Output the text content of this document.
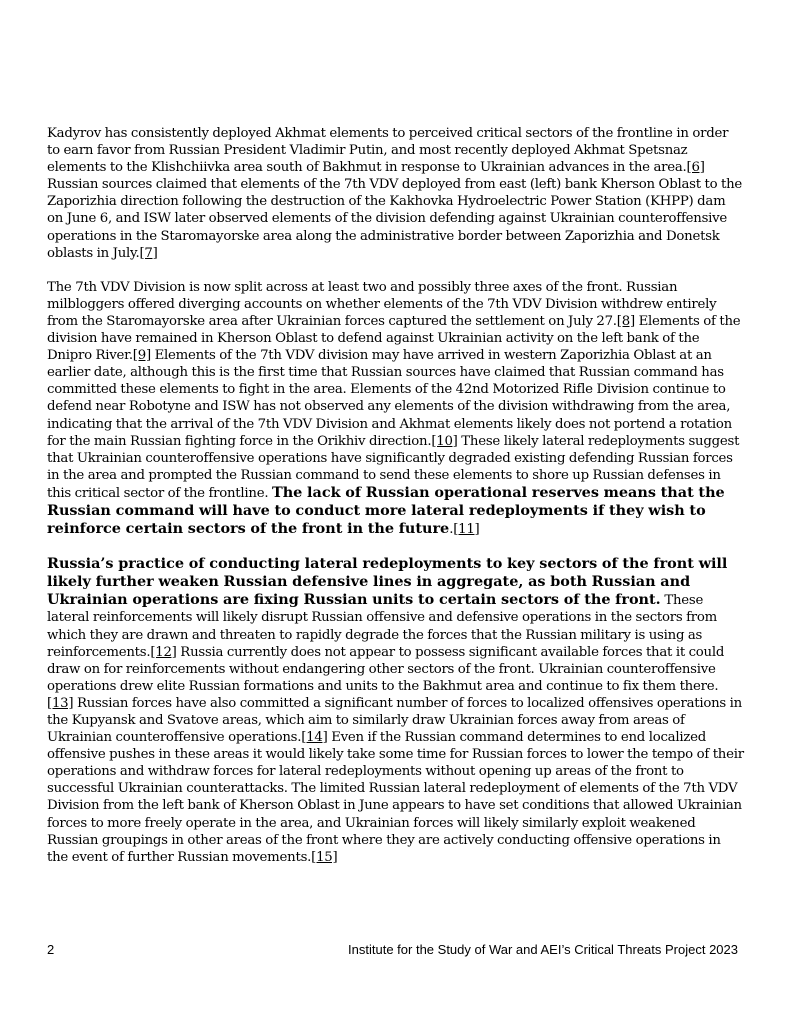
Kadyrov has consistently deployed Akhmat elements to perceived critical sectors of the frontline in order to earn favor from Russian President Vladimir Putin, and most recently deployed Akhmat Spetsnaz elements to the Klishchiivka area south of Bakhmut in response to Ukrainian advances in the area.[6] Russian sources claimed that elements of the 7th VDV deployed from east (left) bank Kherson Oblast to the Zaporizhia direction following the destruction of the Kakhovka Hydroelectric Power Station (KHPP) dam on June 6, and ISW later observed elements of the division defending against Ukrainian counteroffensive operations in the Staromayorske area along the administrative border between Zaporizhia and Donetsk oblasts in July.[7]

The 7th VDV Division is now split across at least two and possibly three axes of the front. Russian milbloggers offered diverging accounts on whether elements of the 7th VDV Division withdrew entirely from the Staromayorske area after Ukrainian forces captured the settlement on July 27.[8] Elements of the division have remained in Kherson Oblast to defend against Ukrainian activity on the left bank of the Dnipro River.[9] Elements of the 7th VDV division may have arrived in western Zaporizhia Oblast at an earlier date, although this is the first time that Russian sources have claimed that Russian command has committed these elements to fight in the area. Elements of the 42nd Motorized Rifle Division continue to defend near Robotyne and ISW has not observed any elements of the division withdrawing from the area, indicating that the arrival of the 7th VDV Division and Akhmat elements likely does not portend a rotation for the main Russian fighting force in the Orikhiv direction.[10] These likely lateral redeployments suggest that Ukrainian counteroffensive operations have significantly degraded existing defending Russian forces in the area and prompted the Russian command to send these elements to shore up Russian defenses in this critical sector of the frontline. The lack of Russian operational reserves means that the Russian command will have to conduct more lateral redeployments if they wish to reinforce certain sectors of the front in the future.[11]

Russia’s practice of conducting lateral redeployments to key sectors of the front will likely further weaken Russian defensive lines in aggregate, as both Russian and Ukrainian operations are fixing Russian units to certain sectors of the front. These lateral reinforcements will likely disrupt Russian offensive and defensive operations in the sectors from which they are drawn and threaten to rapidly degrade the forces that the Russian military is using as reinforcements.[12] Russia currently does not appear to possess significant available forces that it could draw on for reinforcements without endangering other sectors of the front. Ukrainian counteroffensive operations drew elite Russian formations and units to the Bakhmut area and continue to fix them there.[13] Russian forces have also committed a significant number of forces to localized offensives operations in the Kupyansk and Svatove areas, which aim to similarly draw Ukrainian forces away from areas of Ukrainian counteroffensive operations.[14] Even if the Russian command determines to end localized offensive pushes in these areas it would likely take some time for Russian forces to lower the tempo of their operations and withdraw forces for lateral redeployments without opening up areas of the front to successful Ukrainian counterattacks. The limited Russian lateral redeployment of elements of the 7th VDV Division from the left bank of Kherson Oblast in June appears to have set conditions that allowed Ukrainian forces to more freely operate in the area, and Ukrainian forces will likely similarly exploit weakened Russian groupings in other areas of the front where they are actively conducting offensive operations in the event of further Russian movements.[15]

2	Institute for the Study of War and AEI’s Critical Threats Project 2023
